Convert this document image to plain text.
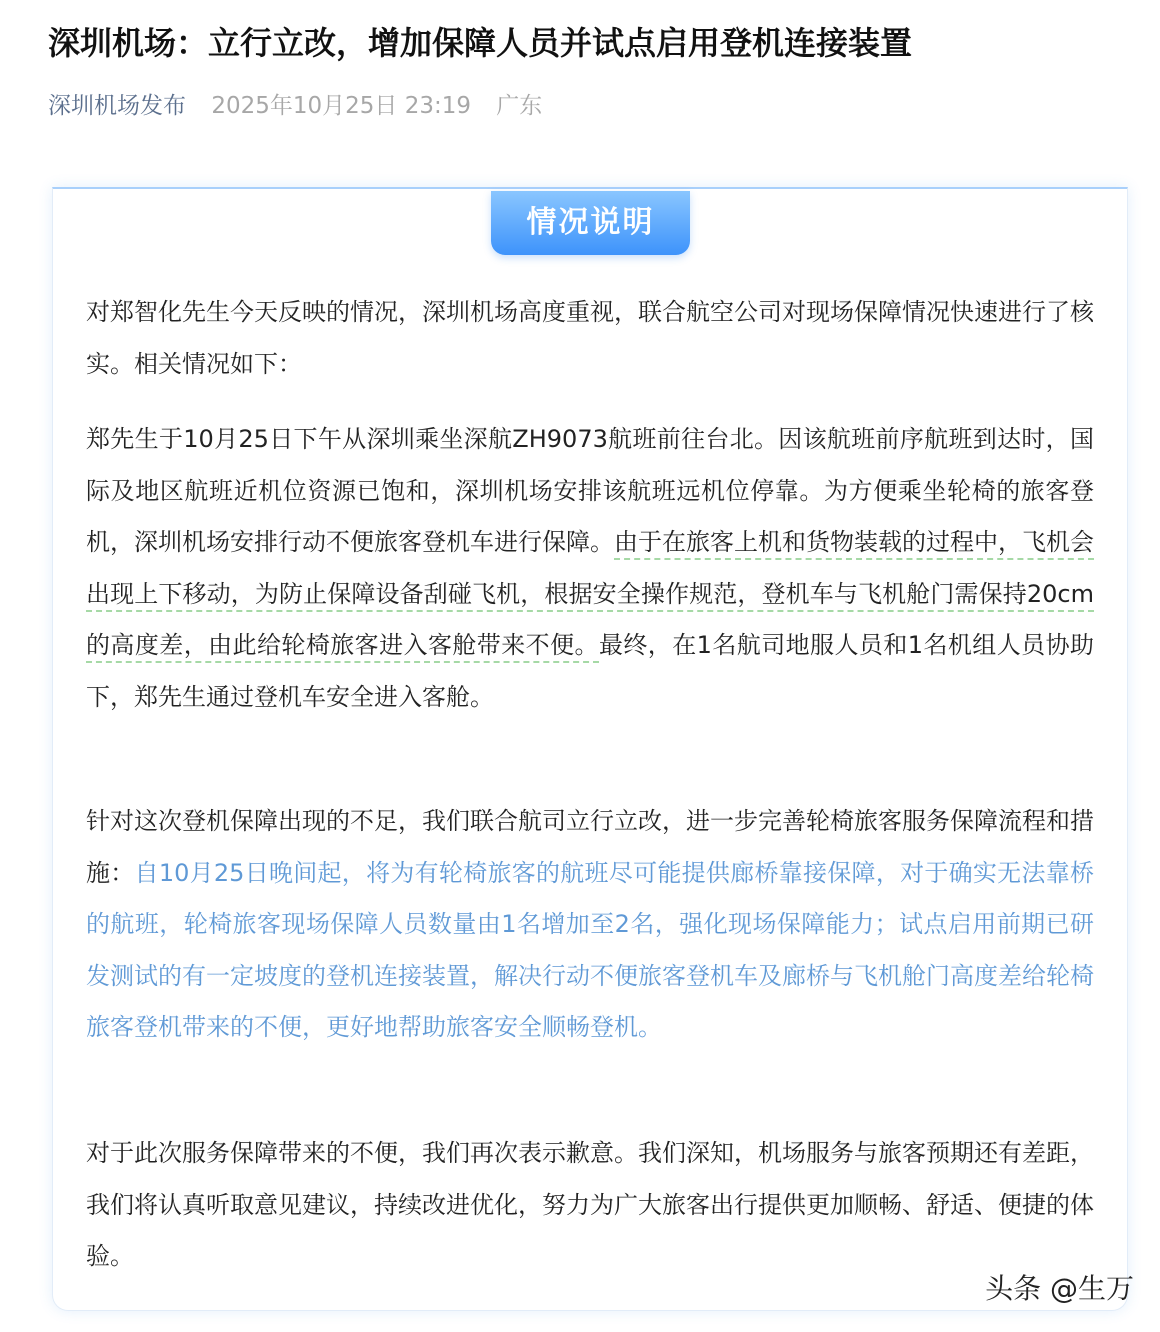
深圳机场：立行立改，增加保障人员并试点启用登机连接装置
深圳机场发布 2025年10月25日 23:19 广东
情况说明

对郑智化先生今天反映的情况，深圳机场高度重视，联合航空公司对现场保障情况快速进行了核实。相关情况如下：

郑先生于10月25日下午从深圳乘坐深航ZH9073航班前往台北。因该航班前序航班到达时，国际及地区航班近机位资源已饱和，深圳机场安排该航班远机位停靠。为方便乘坐轮椅的旅客登机，深圳机场安排行动不便旅客登机车进行保障。由于在旅客上机和货物装载的过程中，飞机会出现上下移动，为防止保障设备刮碰飞机，根据安全操作规范，登机车与飞机舱门需保持20cm的高度差，由此给轮椅旅客进入客舱带来不便。最终，在1名航司地服人员和1名机组人员协助下，郑先生通过登机车安全进入客舱。

针对这次登机保障出现的不足，我们联合航司立行立改，进一步完善轮椅旅客服务保障流程和措施：自10月25日晚间起，将为有轮椅旅客的航班尽可能提供廊桥靠接保障，对于确实无法靠桥的航班，轮椅旅客现场保障人员数量由1名增加至2名，强化现场保障能力；试点启用前期已研发测试的有一定坡度的登机连接装置，解决行动不便旅客登机车及廊桥与飞机舱门高度差给轮椅旅客登机带来的不便，更好地帮助旅客安全顺畅登机。

对于此次服务保障带来的不便，我们再次表示歉意。我们深知，机场服务与旅客预期还有差距，我们将认真听取意见建议，持续改进优化，努力为广大旅客出行提供更加顺畅、舒适、便捷的体验。

头条 @生万
